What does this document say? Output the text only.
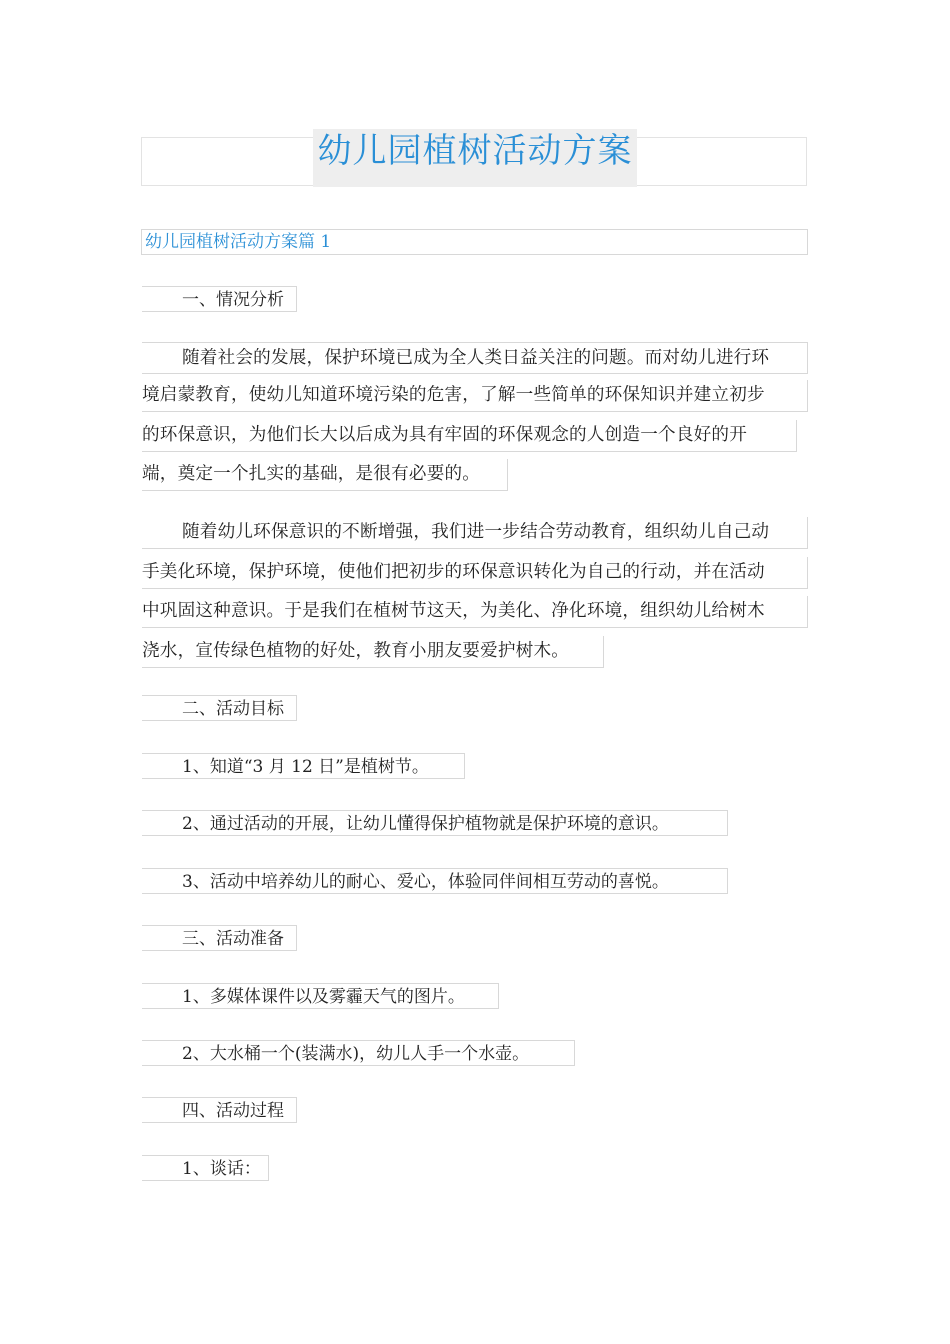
幼儿园植树活动方案
幼儿园植树活动方案篇 1
一、情况分析
随着社会的发展，保护环境已成为全人类日益关注的问题。而对幼儿进行环
境启蒙教育，使幼儿知道环境污染的危害，了解一些简单的环保知识并建立初步
的环保意识，为他们长大以后成为具有牢固的环保观念的人创造一个良好的开
端，奠定一个扎实的基础，是很有必要的。
随着幼儿环保意识的不断增强，我们进一步结合劳动教育，组织幼儿自己动
手美化环境，保护环境，使他们把初步的环保意识转化为自己的行动，并在活动
中巩固这种意识。于是我们在植树节这天，为美化、净化环境，组织幼儿给树木
浇水，宣传绿色植物的好处，教育小朋友要爱护树木。
二、活动目标
1、知道“3 月 12 日”是植树节。
2、通过活动的开展，让幼儿懂得保护植物就是保护环境的意识。
3、活动中培养幼儿的耐心、爱心，体验同伴间相互劳动的喜悦。
三、活动准备
1、多媒体课件以及雾霾天气的图片。
2、大水桶一个(装满水)，幼儿人手一个水壶。
四、活动过程
1、谈话：
